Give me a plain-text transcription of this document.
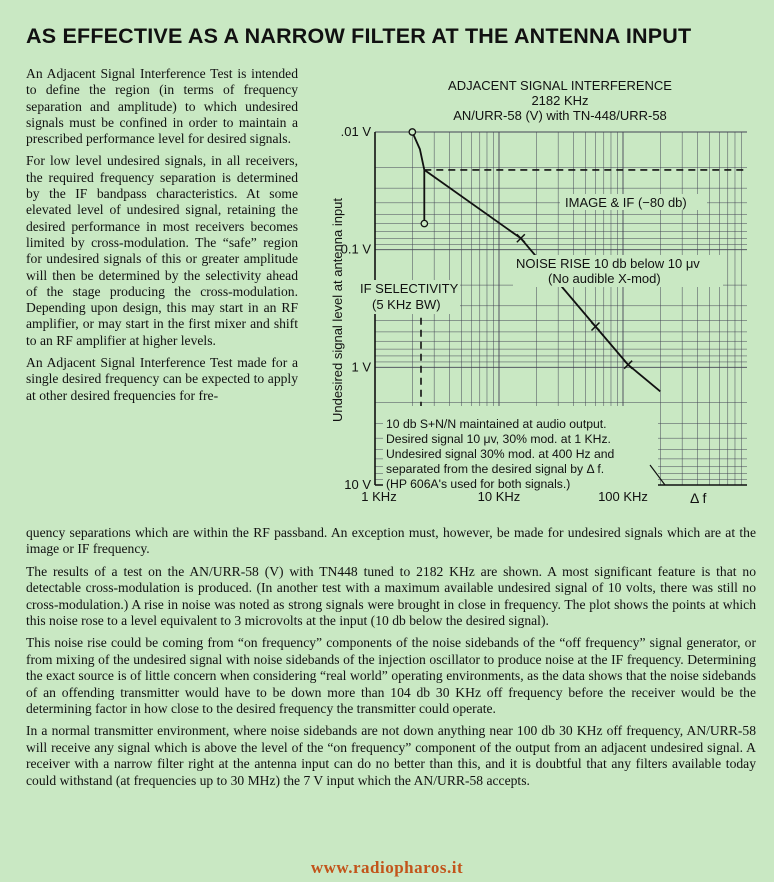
AS EFFECTIVE AS A NARROW FILTER AT THE ANTENNA INPUT

An Adjacent Signal Interference Test is intended to define the region (in terms of frequency separation and amplitude) to which undesired signals must be confined in order to maintain a prescribed performance level for desired signals.

For low level undesired signals, in all receivers, the required frequency separation is determined by the IF bandpass characteristics. At some elevated level of undesired signal, retaining the desired performance in most receivers becomes limited by cross-modulation. The “safe” region for undesired signals of this or greater amplitude will then be determined by the selectivity ahead of the stage producing the cross-modulation. Depending upon design, this may start in an RF amplifier, or may start in the first mixer and shift to an RF amplifier at higher levels.

An Adjacent Signal Interference Test made for a single desired frequency can be expected to apply at other desired frequencies for fre-

ADJACENT SIGNAL INTERFERENCE
2182 KHz
AN/URR-58 (V) with TN-448/URR-58
.01 V
0.1 V
1 V
10 V
1 KHz	10 KHz	100 KHz
Undesired signal level at antenna input
Δ f
IMAGE & IF (−80 db)
NOISE RISE 10 db below 10 μv
(No audible X-mod)
IF SELECTIVITY
(5 KHz BW)
10 db S+N/N maintained at audio output.
Desired signal 10 μv, 30% mod. at 1 KHz.
Undesired signal 30% mod. at 400 Hz and
separated from the desired signal by Δ f.
(HP 606A's used for both signals.)

quency separations which are within the RF passband. An exception must, however, be made for undesired signals which are at the image or IF frequency.

The results of a test on the AN/URR-58 (V) with TN448 tuned to 2182 KHz are shown. A most significant feature is that no detectable cross-modulation is produced. (In another test with a maximum available undesired signal of 10 volts, there was still no cross-modulation.) A rise in noise was noted as strong signals were brought in close in frequency. The plot shows the points at which this noise rose to a level equivalent to 3 microvolts at the input (10 db below the desired signal).

This noise rise could be coming from “on frequency” components of the noise sidebands of the “off frequency” signal generator, or from mixing of the undesired signal with noise sidebands of the injection oscillator to produce noise at the IF frequency. Determining the exact source is of little concern when considering “real world” operating environments, as the data shows that the noise sidebands of an offending transmitter would have to be down more than 104 db 30 KHz off frequency before the receiver would be the determining factor in how close to the desired frequency the transmitter could operate.

In a normal transmitter environment, where noise sidebands are not down anything near 100 db 30 KHz off frequency, AN/URR-58 will receive any signal which is above the level of the “on frequency” component of the output from an adjacent undesired signal. A receiver with a narrow filter right at the antenna input can do no better than this, and it is doubtful that any filters available today could withstand (at frequencies up to 30 MHz) the 7 V input which the AN/URR-58 accepts.

www.radiopharos.it
